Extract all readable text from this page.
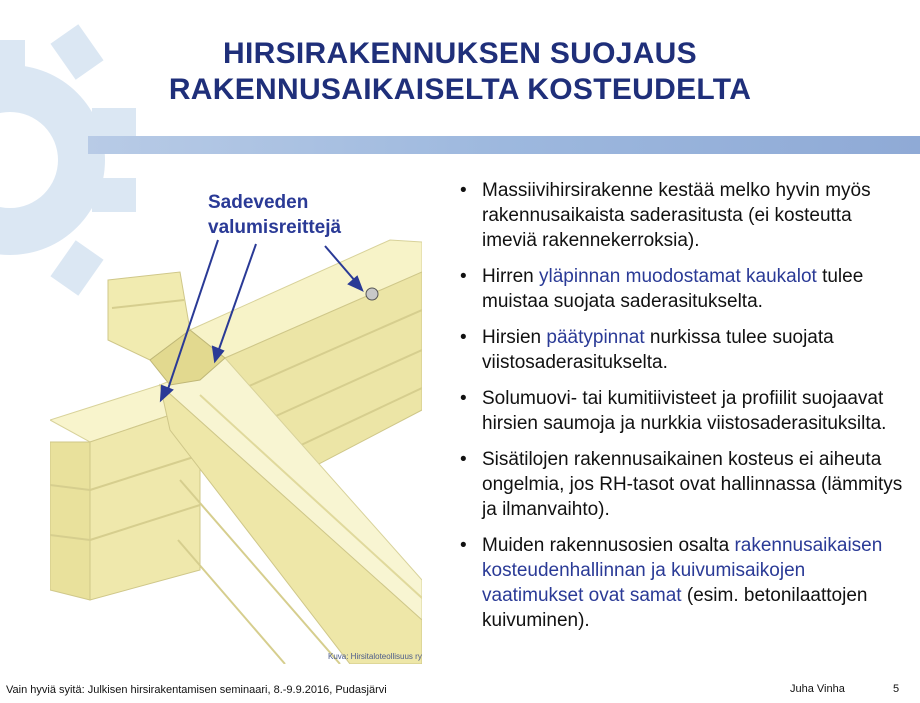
HIRSIRAKENNUKSEN SUOJAUS
RAKENNUSAIKAISELTA KOSTEUDELTA
Sadeveden
valumisreittejä
Kuva: Hirsitaloteollisuus ry
• Massiivihirsirakenne kestää melko hyvin myös rakennusaikaista saderasitusta (ei kosteutta imeviä rakennekerroksia).
• Hirren yläpinnan muodostamat kaukalot tulee muistaa suojata saderasitukselta.
• Hirsien päätypinnat nurkissa tulee suojata viistosaderasitukselta.
• Solumuovi- tai kumitiivisteet ja profiilit suojaavat hirsien saumoja ja nurkkia viistosaderasituksilta.
• Sisätilojen rakennusaikainen kosteus ei aiheuta ongelmia, jos RH-tasot ovat hallinnassa (lämmitys ja ilmanvaihto).
• Muiden rakennusosien osalta rakennusaikaisen kosteudenhallinnan ja kuivumisaikojen vaatimukset ovat samat (esim. betonilaattojen kuivuminen).
Vain hyviä syitä: Julkisen hirsirakentamisen seminaari, 8.-9.9.2016, Pudasjärvi	Juha Vinha	5
